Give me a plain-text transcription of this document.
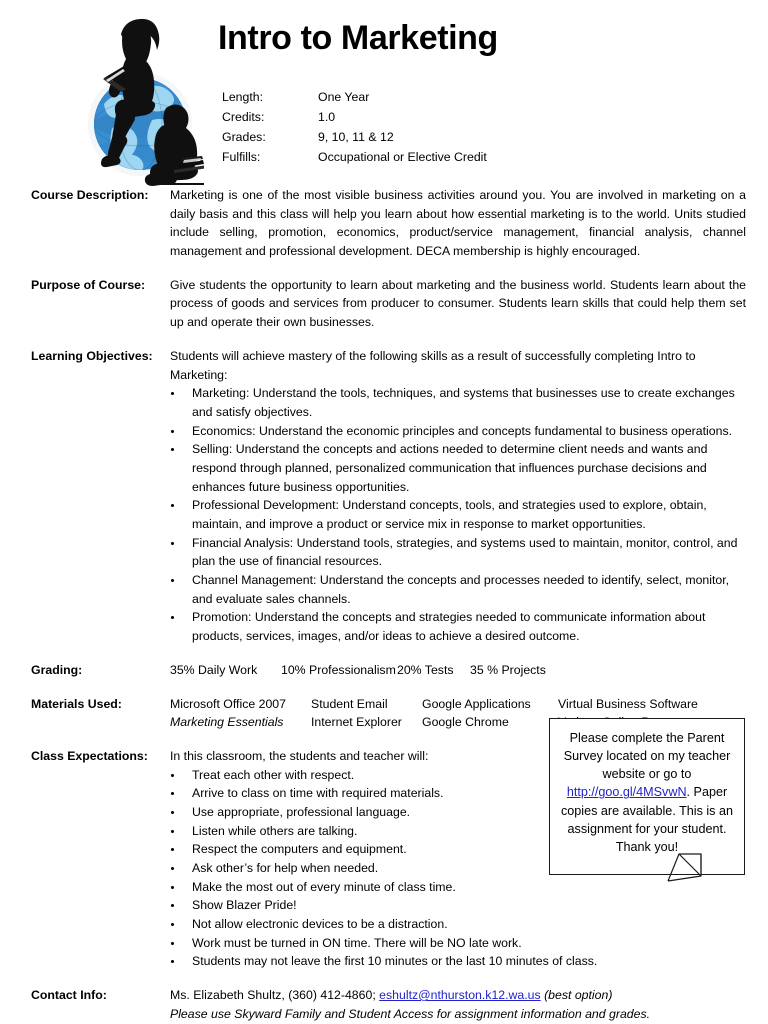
Intro to Marketing
Length:	One Year
Credits:	1.0
Grades:	9, 10, 11 & 12
Fulfills:	Occupational or Elective Credit
Course Description:	Marketing is one of the most visible business activities around you. You are involved in marketing on a daily basis and this class will help you learn about how essential marketing is to the world. Units studied include selling, promotion, economics, product/service management, financial analysis, channel management and professional development. DECA membership is highly encouraged.
Purpose of Course:	Give students the opportunity to learn about marketing and the business world. Students learn about the process of goods and services from producer to consumer. Students learn skills that could help them set up and operate their own businesses.
Learning Objectives:	Students will achieve mastery of the following skills as a result of successfully completing Intro to Marketing:

Marketing: Understand the tools, techniques, and systems that businesses use to create exchanges and satisfy objectives.
Economics: Understand the economic principles and concepts fundamental to business operations.
Selling: Understand the concepts and actions needed to determine client needs and wants and respond through planned, personalized communication that influences purchase decisions and enhances future business opportunities.
Professional Development: Understand concepts, tools, and strategies used to explore, obtain, maintain, and improve a product or service mix in response to market opportunities.
Financial Analysis: Understand tools, strategies, and systems used to maintain, monitor, control, and plan the use of financial resources.
Channel Management: Understand the concepts and processes needed to identify, select, monitor, and evaluate sales channels.
Promotion: Understand the concepts and strategies needed to communicate information about products, services, images, and/or ideas to achieve a desired outcome.
Grading:	35% Daily Work	10% Professionalism 20% Tests	35 % Projects
Materials Used:	Microsoft Office 2007	Student Email	Google Applications	Virtual Business Software
Marketing Essentials	Internet Explorer	Google Chrome
Class Expectations:	In this classroom, the students and teacher will:

Treat each other with respect.
Arrive to class on time with required materials.
Use appropriate, professional language.
Listen while others are talking.
Respect the computers and equipment.
Ask other’s for help when needed.
Make the most out of every minute of class time.
Show Blazer Pride!
Not allow electronic devices to be a distraction.
Work must be turned in ON time. There will be NO late work.
Students may not leave the first 10 minutes or the last 10 minutes of class.
Contact Info:	Ms. Elizabeth Shultz, (360) 412-4860; eshultz@nthurston.k12.wa.us (best option)

Please use Skyward Family and Student Access for assignment information and grades.

Please complete the Parent Survey located on my teacher website or go to http://goo.gl/4MSvwN. Paper copies are available. This is an assignment for your student. Thank you!
